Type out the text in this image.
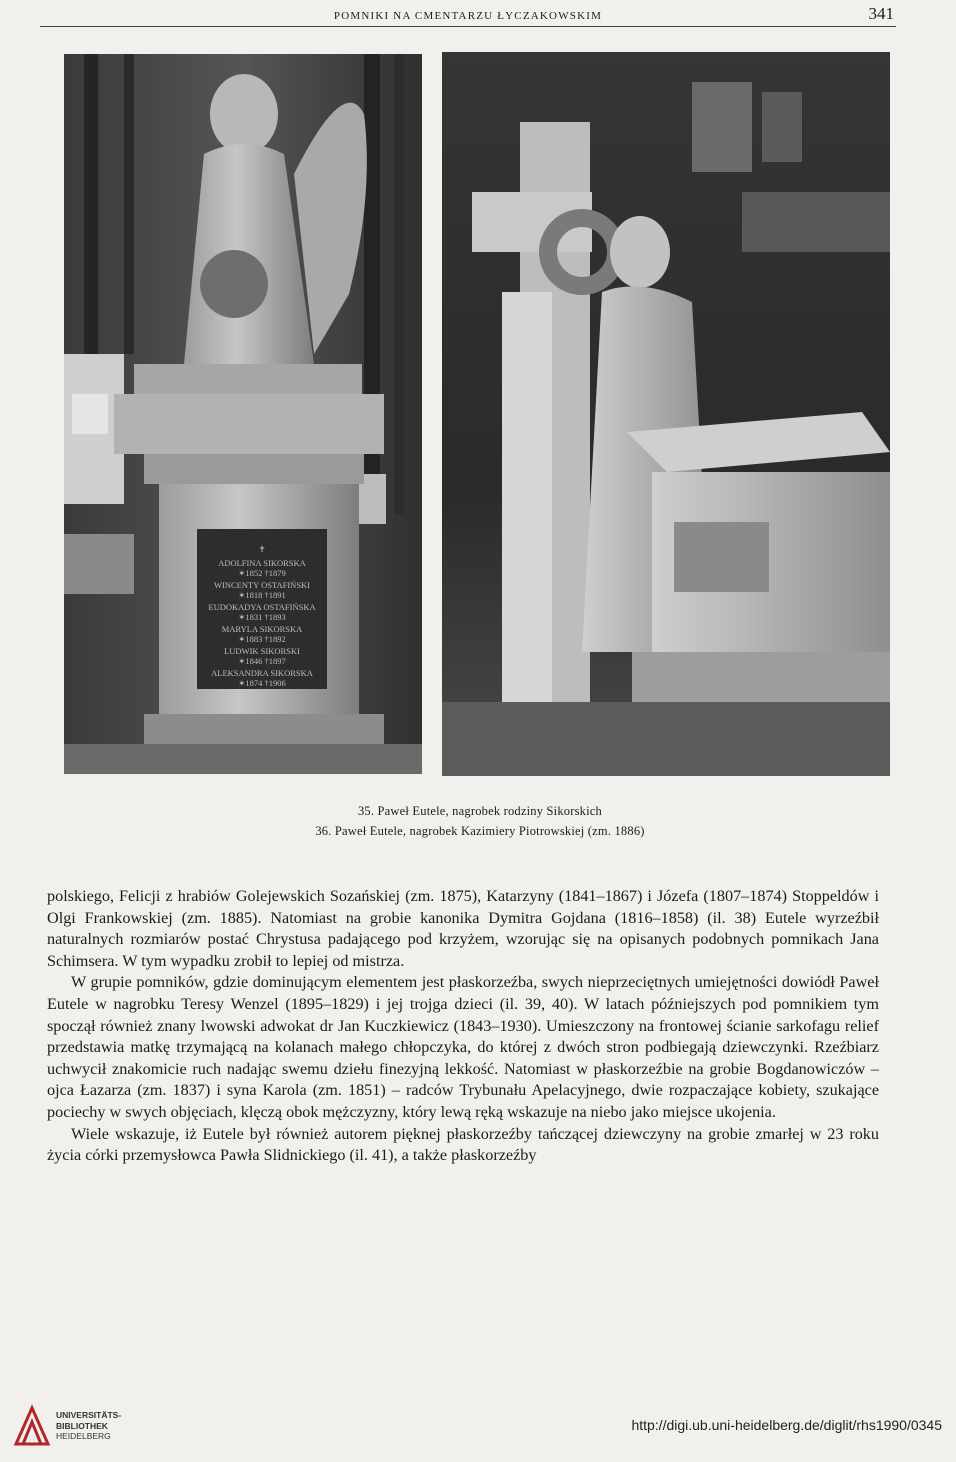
POMNIKI NA CMENTARZU ŁYCZAKOWSKIM	341
✝
ADOLFINA SIKORSKA
✶1852 †1879
WINCENTY OSTAFIŃSKI
✶1818 †1891
EUDOKADYA OSTAFIŃSKA
✶1831 †1893
MARYLA SIKORSKA
✶1883 †1892
LUDWIK SIKORSKI
✶1846 †1897
ALEKSANDRA SIKORSKA
✶1874 †1906
35. Paweł Eutele, nagrobek rodziny Sikorskich
36. Paweł Eutele, nagrobek Kazimiery Piotrowskiej (zm. 1886)

polskiego, Felicji z hrabiów Golejewskich Sozańskiej (zm. 1875), Katarzyny (1841–1867) i Józefa (1807–1874) Stoppeldów i Olgi Frankowskiej (zm. 1885). Natomiast na grobie kanonika Dymitra Gojdana (1816–1858) (il. 38) Eutele wyrzeźbił naturalnych rozmiarów postać Chrystusa padającego pod krzyżem, wzorując się na opisanych podobnych pomnikach Jana Schimsera. W tym wypadku zrobił to lepiej od mistrza.

W grupie pomników, gdzie dominującym elementem jest płaskorzeźba, swych nieprzeciętnych umiejętności dowiódł Paweł Eutele w nagrobku Teresy Wenzel (1895–1829) i jej trojga dzieci (il. 39, 40). W latach późniejszych pod pomnikiem tym spoczął również znany lwowski adwokat dr Jan Kuczkiewicz (1843–1930). Umieszczony na frontowej ścianie sarkofagu relief przedstawia matkę trzymającą na kolanach małego chłopczyka, do której z dwóch stron podbiegają dziewczynki. Rzeźbiarz uchwycił znakomicie ruch nadając swemu dziełu finezyjną lekkość. Natomiast w płaskorzeźbie na grobie Bogdanowiczów – ojca Łazarza (zm. 1837) i syna Karola (zm. 1851) – radców Trybunału Apelacyjnego, dwie rozpaczające kobiety, szukające pociechy w swych objęciach, klęczą obok mężczyzny, który lewą ręką wskazuje na niebo jako miejsce ukojenia.

Wiele wskazuje, iż Eutele był również autorem pięknej płaskorzeźby tańczącej dziewczyny na grobie zmarłej w 23 roku życia córki przemysłowca Pawła Slidnickiego (il. 41), a także płaskorzeźby

UNIVERSITÄTS-
BIBLIOTHEK
HEIDELBERG
http://digi.ub.uni-heidelberg.de/diglit/rhs1990/0345
